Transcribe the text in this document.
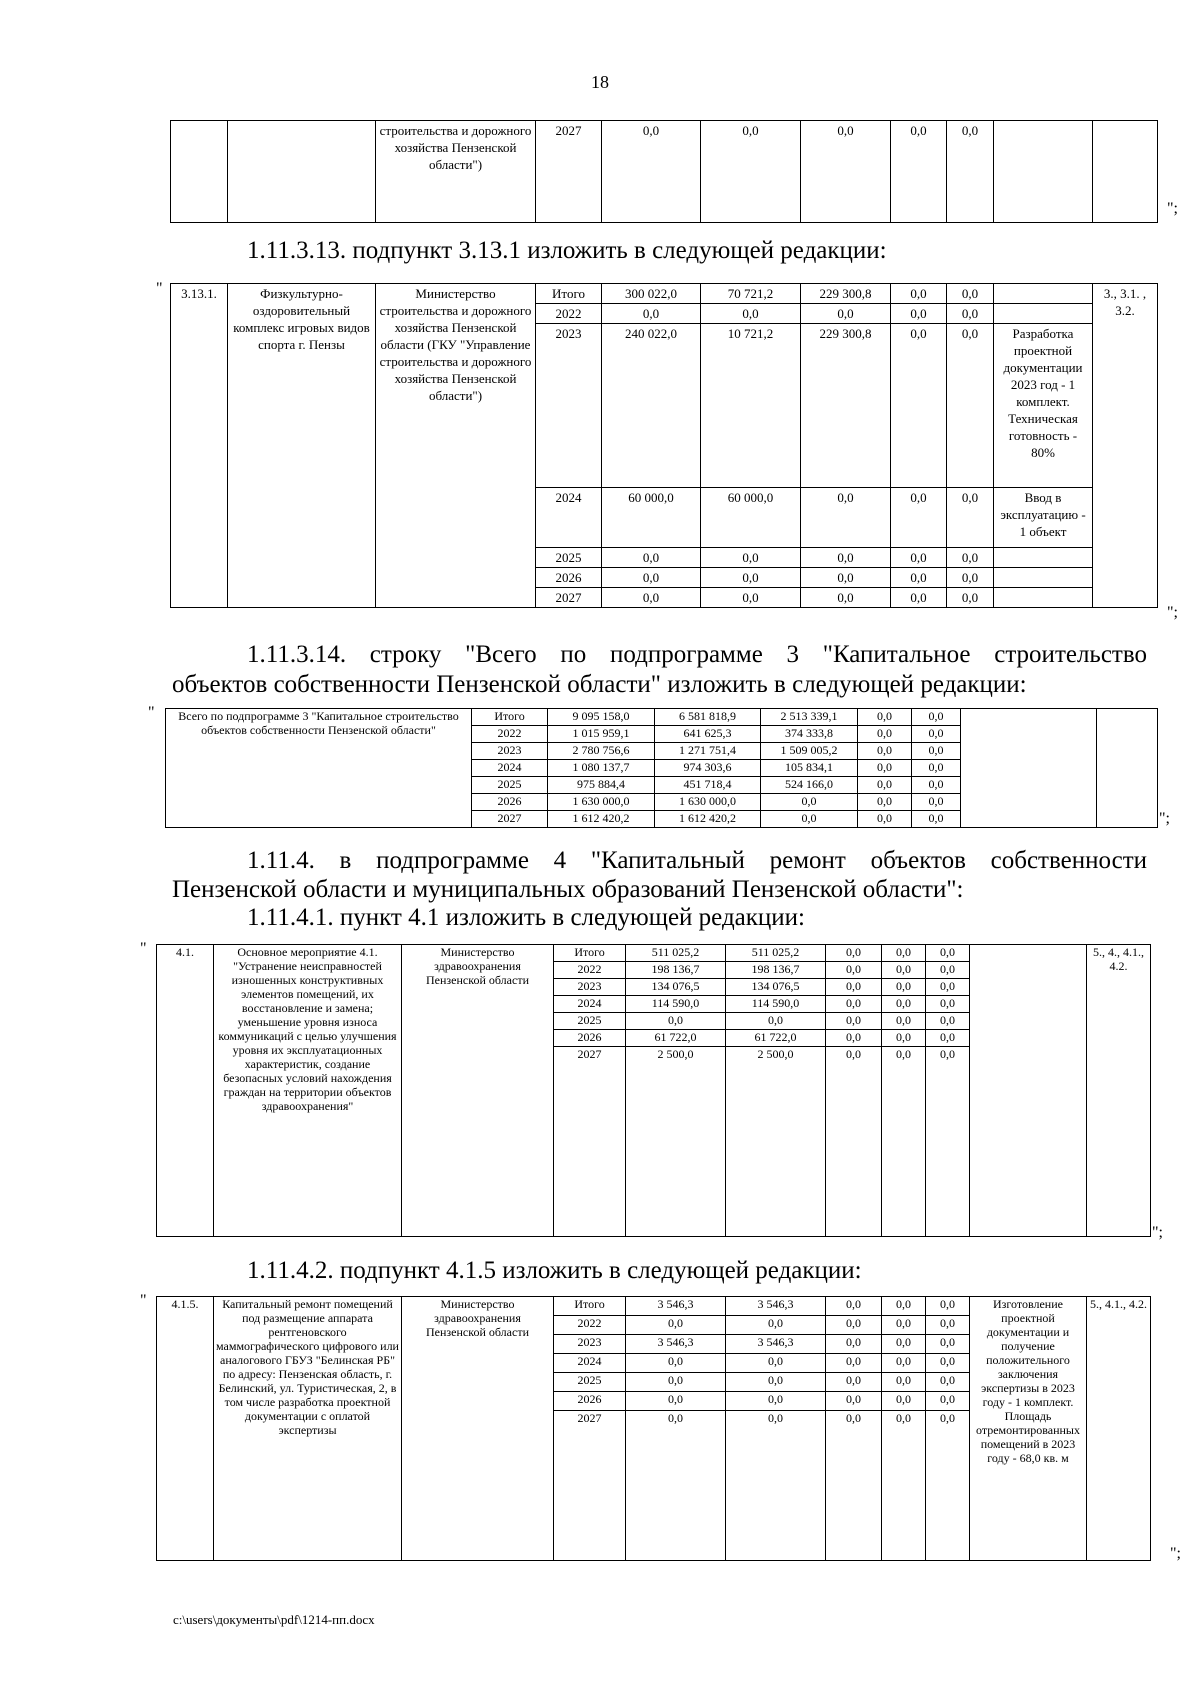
18
		строительства и дорожного хозяйства Пензенской области")	2027	0,0	0,0	0,0	0,0	0,0		
";
1.11.3.13. подпункт 3.13.1 изложить в следующей редакции:
" 3.13.1.	Физкультурно-оздоровительный комплекс игровых видов спорта г. Пензы	Министерство строительства и дорожного хозяйства Пензенской области (ГКУ "Управление строительства и дорожного хозяйства Пензенской области")	Итого	300 022,0	70 721,2	229 300,8	0,0	0,0		3., 3.1. , 3.2.
			2022	0,0	0,0	0,0	0,0	0,0		
			2023	240 022,0	10 721,2	229 300,8	0,0	0,0	Разработка проектной документации 2023 год - 1 комплект. Техническая готовность - 80%	
			2024	60 000,0	60 000,0	0,0	0,0	0,0	Ввод в эксплуатацию - 1 объект	
			2025	0,0	0,0	0,0	0,0	0,0		
			2026	0,0	0,0	0,0	0,0	0,0		
			2027	0,0	0,0	0,0	0,0	0,0		
";
1.11.3.14. строку "Всего по подпрограмме 3 "Капитальное строительство
объектов собственности Пензенской области" изложить в следующей редакции:
" Всего по подпрограмме 3 "Капитальное строительство объектов собственности Пензенской области"	Итого	9 095 158,0	6 581 818,9	2 513 339,1	0,0	0,0		
	2022	1 015 959,1	641 625,3	374 333,8	0,0	0,0		
	2023	2 780 756,6	1 271 751,4	1 509 005,2	0,0	0,0		
	2024	1 080 137,7	974 303,6	105 834,1	0,0	0,0		
	2025	975 884,4	451 718,4	524 166,0	0,0	0,0		
	2026	1 630 000,0	1 630 000,0	0,0	0,0	0,0		
	2027	1 612 420,2	1 612 420,2	0,0	0,0	0,0			";
1.11.4. в подпрограмме 4 "Капитальный ремонт объектов собственности
Пензенской области и муниципальных образований Пензенской области":
1.11.4.1. пункт 4.1 изложить в следующей редакции:
" 4.1.	Основное мероприятие 4.1. "Устранение неисправностей изношенных конструктивных элементов помещений, их восстановление и замена; уменьшение уровня износа коммуникаций с целью улучшения уровня их эксплуатационных характеристик, создание безопасных условий нахождения граждан на территории объектов здравоохранения"	Министерство здравоохранения Пензенской области	Итого	511 025,2	511 025,2	0,0	0,0	0,0		5., 4., 4.1., 4.2.
			2022	198 136,7	198 136,7	0,0	0,0	0,0		
			2023	134 076,5	134 076,5	0,0	0,0	0,0		
			2024	114 590,0	114 590,0	0,0	0,0	0,0		
			2025	0,0	0,0	0,0	0,0	0,0		
			2026	61 722,0	61 722,0	0,0	0,0	0,0		
			2027	2 500,0	2 500,0	0,0	0,0	0,0		
";
1.11.4.2. подпункт 4.1.5 изложить в следующей редакции:
" 4.1.5.	Капитальный ремонт помещений под размещение аппарата рентгеновского маммографического цифрового или аналогового ГБУЗ "Белинская РБ" по адресу: Пензенская область, г. Белинский, ул. Туристическая, 2, в том числе разработка проектной документации с оплатой экспертизы	Министерство здравоохранения Пензенской области	Итого	3 546,3	3 546,3	0,0	0,0	0,0	Изготовление проектной документации и получение положительного заключения экспертизы в 2023 году - 1 комплект. Площадь отремонтированных помещений в 2023 году - 68,0 кв. м	5., 4.1., 4.2.
			2022	0,0	0,0	0,0	0,0	0,0		
			2023	3 546,3	3 546,3	0,0	0,0	0,0		
			2024	0,0	0,0	0,0	0,0	0,0		
			2025	0,0	0,0	0,0	0,0	0,0		
			2026	0,0	0,0	0,0	0,0	0,0		
			2027	0,0	0,0	0,0	0,0	0,0		
";
c:\users\документы\pdf\1214-пп.docx
